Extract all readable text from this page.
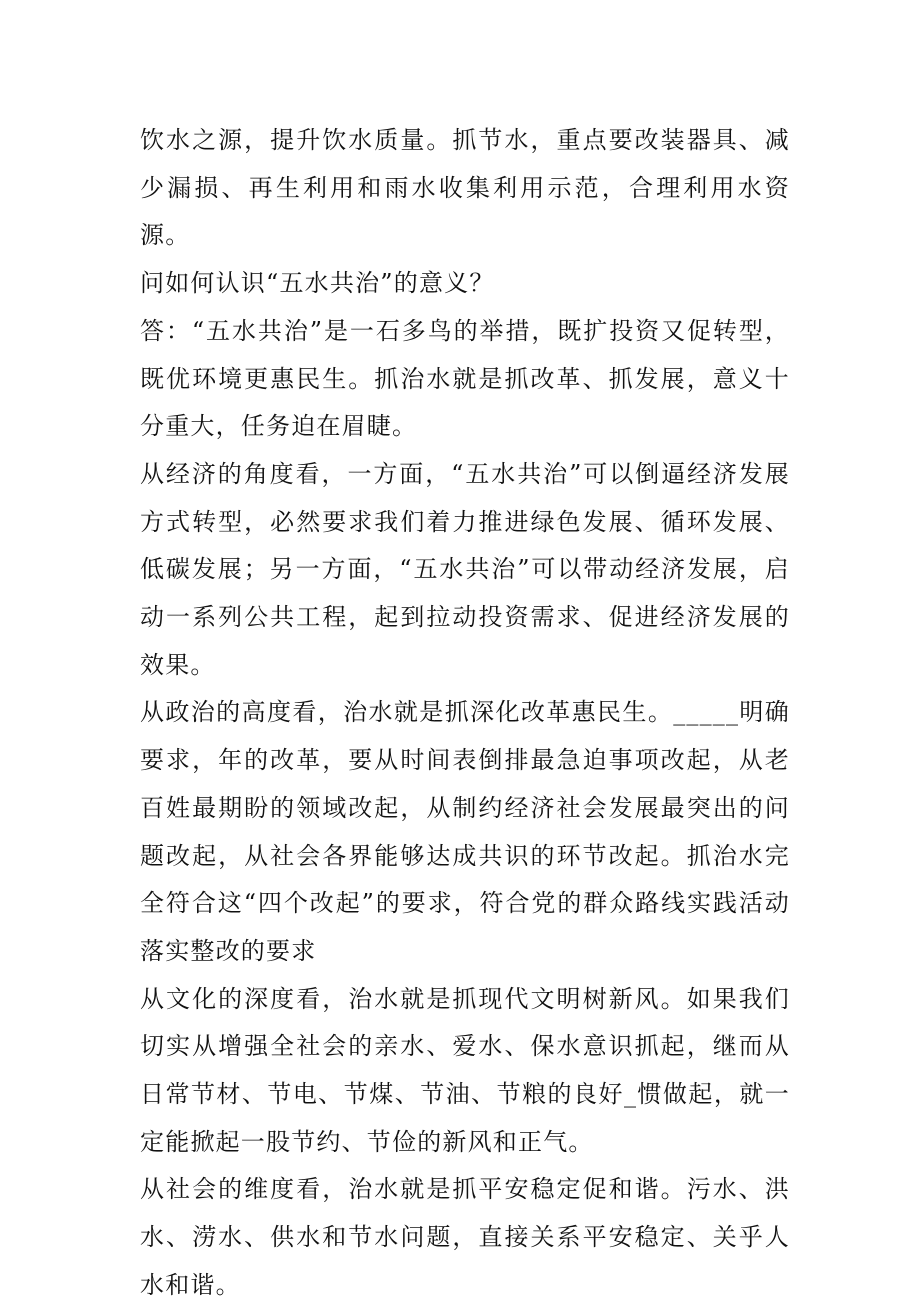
饮水之源，提升饮水质量。抓节水，重点要改装器具、减少漏损、再生利用和雨水收集利用示范，合理利用水资源。

问如何认识“五水共治”的意义？

答：“五水共治”是一石多鸟的举措，既扩投资又促转型，既优环境更惠民生。抓治水就是抓改革、抓发展，意义十分重大，任务迫在眉睫。

从经济的角度看，一方面，“五水共治”可以倒逼经济发展方式转型，必然要求我们着力推进绿色发展、循环发展、低碳发展；另一方面，“五水共治”可以带动经济发展，启动一系列公共工程，起到拉动投资需求、促进经济发展的效果。

从政治的高度看，治水就是抓深化改革惠民生。_____明确要求，年的改革，要从时间表倒排最急迫事项改起，从老百姓最期盼的领域改起，从制约经济社会发展最突出的问题改起，从社会各界能够达成共识的环节改起。抓治水完全符合这“四个改起”的要求，符合党的群众路线实践活动落实整改的要求

从文化的深度看，治水就是抓现代文明树新风。如果我们切实从增强全社会的亲水、爱水、保水意识抓起，继而从日常节材、节电、节煤、节油、节粮的良好_惯做起，就一定能掀起一股节约、节俭的新风和正气。

从社会的维度看，治水就是抓平安稳定促和谐。污水、洪水、涝水、供水和节水问题，直接关系平安稳定、关乎人水和谐。
